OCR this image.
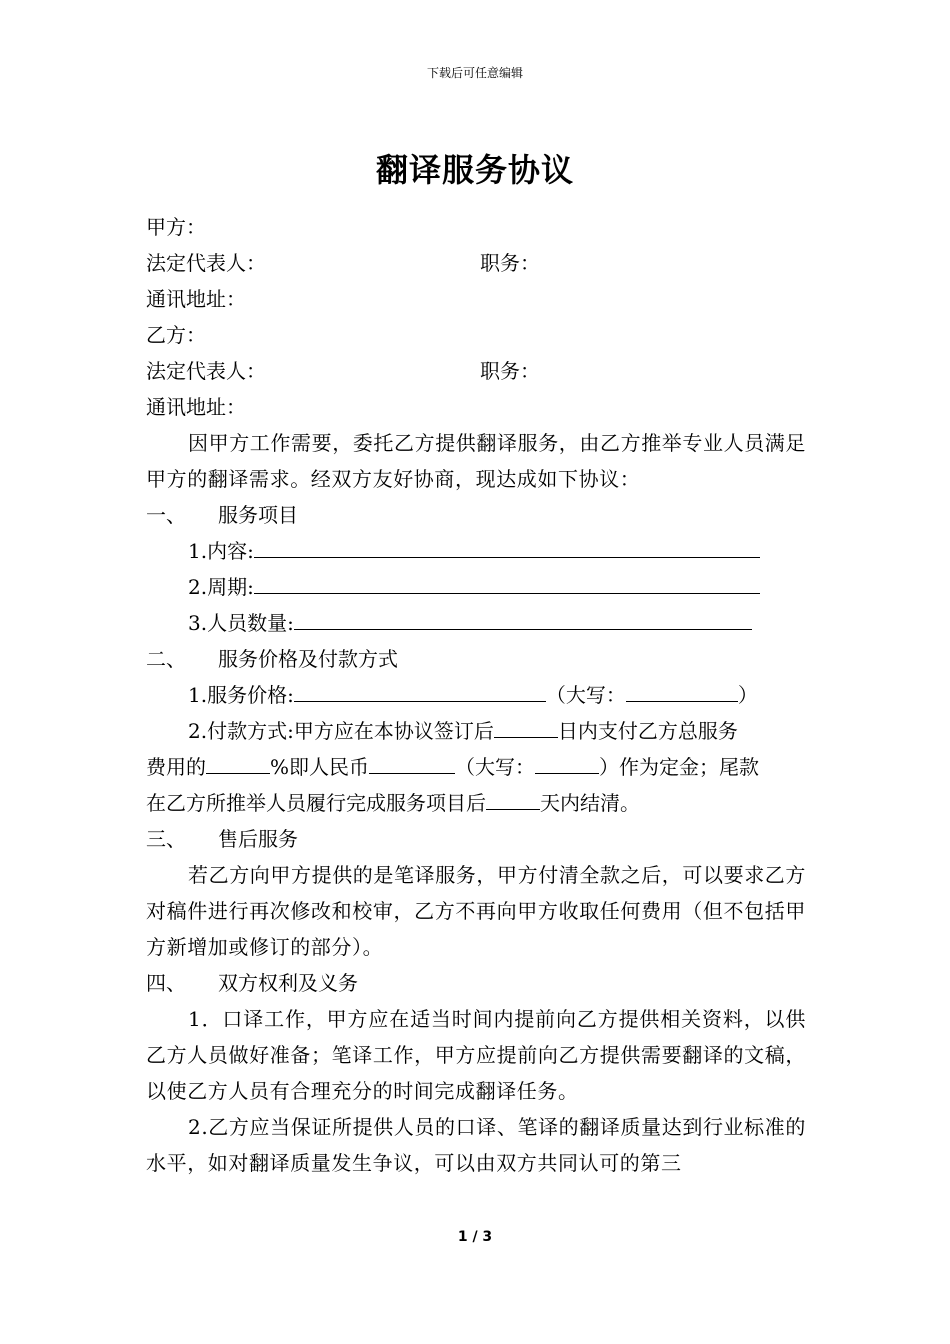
下载后可任意编辑
翻译服务协议
甲方：
法定代表人：	职务：
通讯地址：
乙方：
法定代表人：	职务：
通讯地址：
因甲方工作需要，委托乙方提供翻译服务，由乙方推举专业人员满足甲方的翻译需求。经双方友好协商，现达成如下协议：
一、 服务项目
1.内容:
2.周期:
3.人员数量:
二、 服务价格及付款方式
1.服务价格:	（大写：	）
2.付款方式:甲方应在本协议签订后	日内支付乙方总服务
费用的	%即人民币	（大写：	）作为定金；尾款
在乙方所推举人员履行完成服务项目后	天内结清。
三、 售后服务
若乙方向甲方提供的是笔译服务，甲方付清全款之后，可以要求乙方对稿件进行再次修改和校审，乙方不再向甲方收取任何费用（但不包括甲方新增加或修订的部分）。
四、 双方权利及义务
1．口译工作，甲方应在适当时间内提前向乙方提供相关资料，以供乙方人员做好准备；笔译工作，甲方应提前向乙方提供需要翻译的文稿，以使乙方人员有合理充分的时间完成翻译任务。
2.乙方应当保证所提供人员的口译、笔译的翻译质量达到行业标准的水平，如对翻译质量发生争议，可以由双方共同认可的第三
1 / 3
